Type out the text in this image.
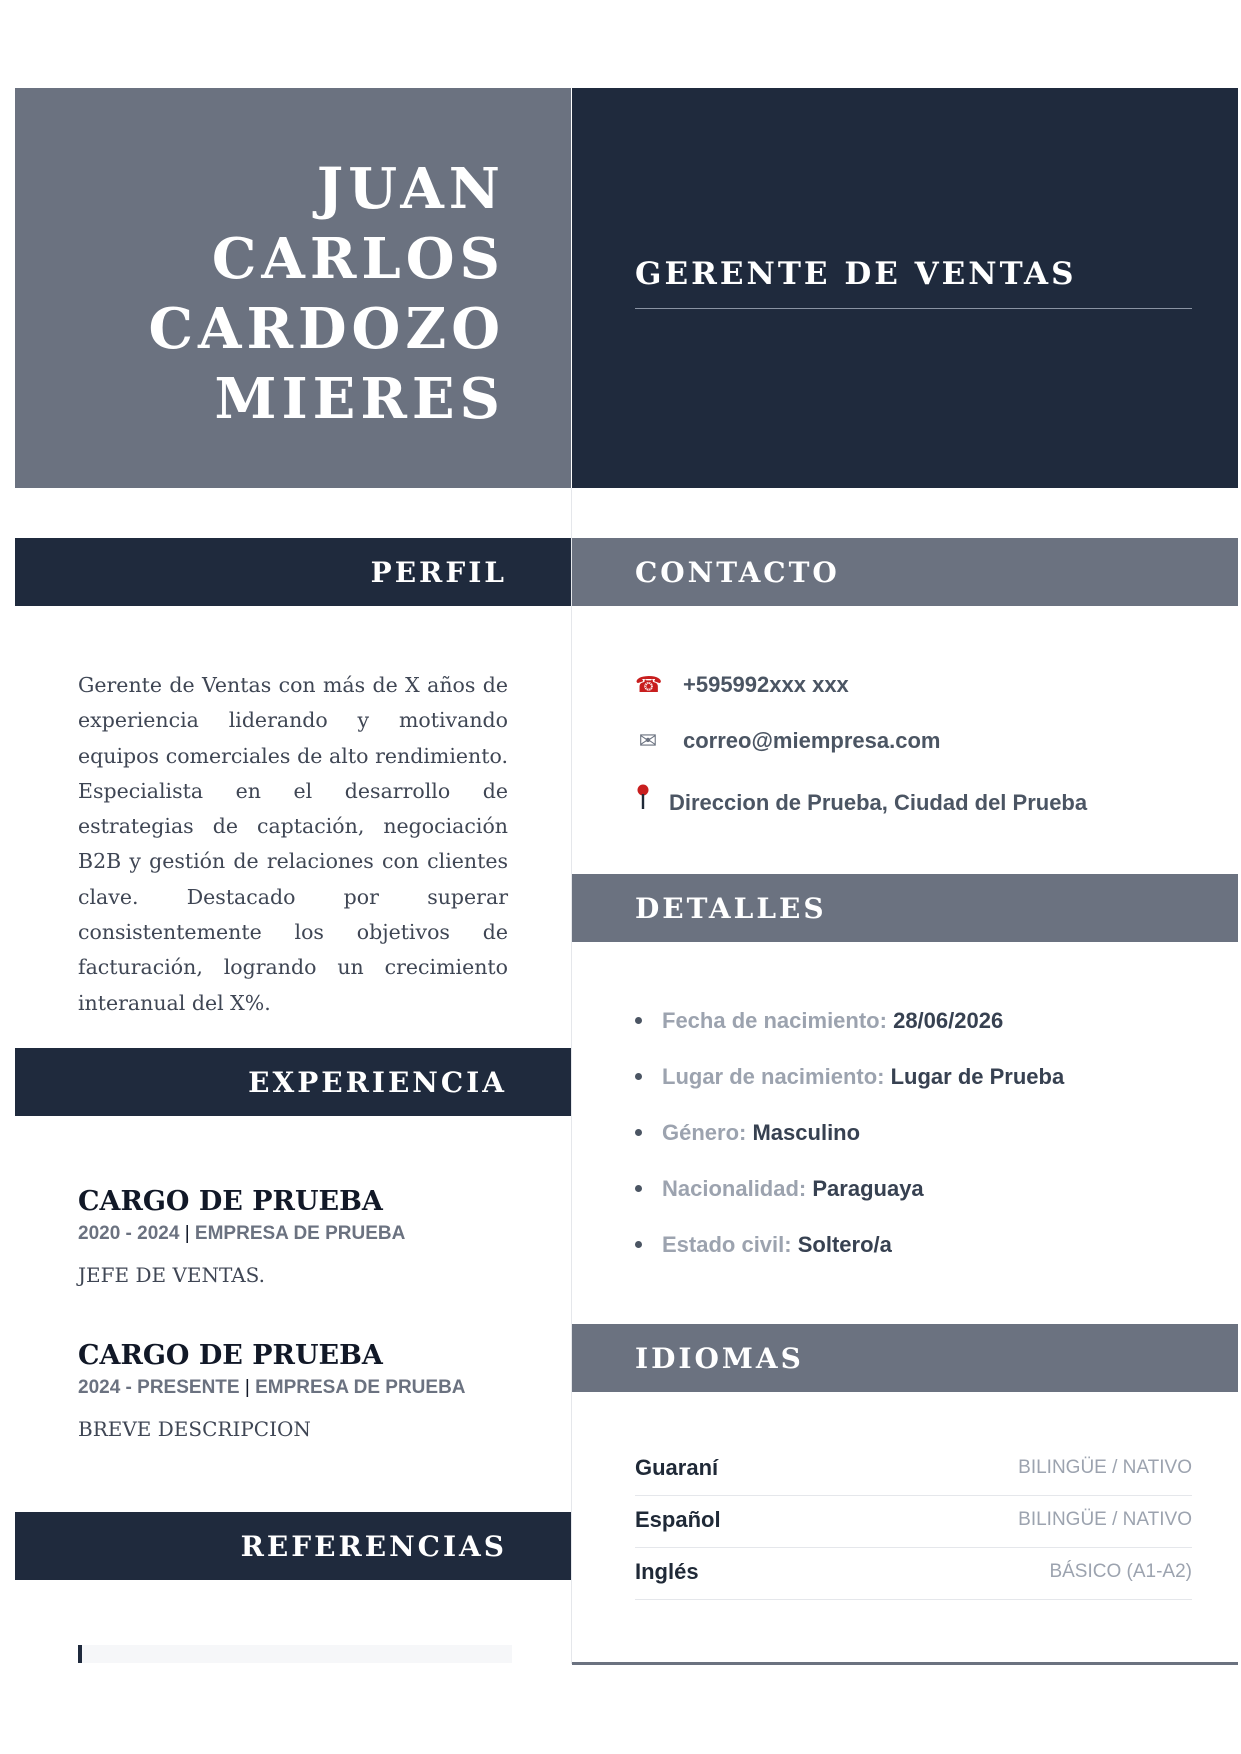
JUAN
CARLOS
CARDOZO
MIERES
GERENTE DE VENTAS
PERFIL
Gerente de Ventas con más de X años de experiencia liderando y motivando equipos comerciales de alto rendimiento. Especialista en el desarrollo de estrategias de captación, negociación B2B y gestión de relaciones con clientes clave. Destacado por superar consistentemente los objetivos de facturación, logrando un crecimiento interanual del X%.
EXPERIENCIA
CARGO DE PRUEBA
2020 - 2024 | EMPRESA DE PRUEBA
JEFE DE VENTAS.
CARGO DE PRUEBA
2024 - PRESENTE | EMPRESA DE PRUEBA
BREVE DESCRIPCION
REFERENCIAS
CONTACTO
☎ +595992xxx xxx
✉ correo@miempresa.com
Direccion de Prueba, Ciudad del Prueba
DETALLES
Fecha de nacimiento: 28/06/2026
Lugar de nacimiento: Lugar de Prueba
Género: Masculino
Nacionalidad: Paraguaya
Estado civil: Soltero/a
IDIOMAS
Guaraní	BILINGÜE / NATIVO
Español	BILINGÜE / NATIVO
Inglés	BÁSICO (A1-A2)
